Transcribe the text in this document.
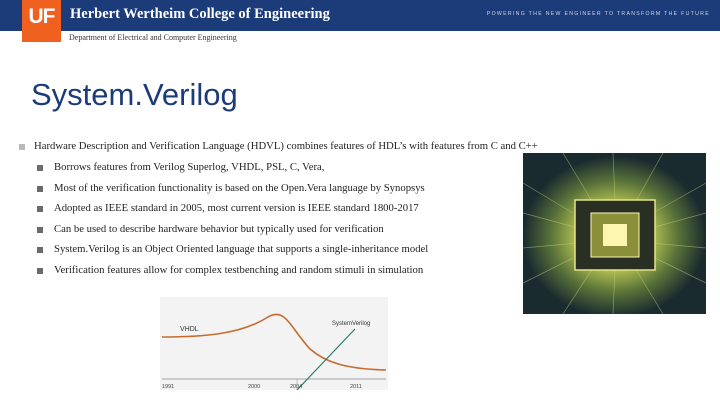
Herbert Wertheim College of Engineering	POWERING THE NEW ENGINEER TO TRANSFORM THE FUTURE
UF
Department of Electrical and Computer Engineering
System.Verilog
Hardware Description and Verification Language (HDVL) combines features of HDL’s with features from C and C++
Borrows features from Verilog Superlog, VHDL, PSL, C, Vera,
Most of the verification functionality is based on the Open.Vera language by Synopsys
Adopted as IEEE standard in 2005, most current version is IEEE standard 1800-2017
Can be used to describe hardware behavior but typically used for verification
System.Verilog is an Object Oriented language that supports a single-inheritance model
Verification features allow for complex testbenching and random stimuli in simulation
VHDL
SystemVerilog
1991	2000	2004	2011
